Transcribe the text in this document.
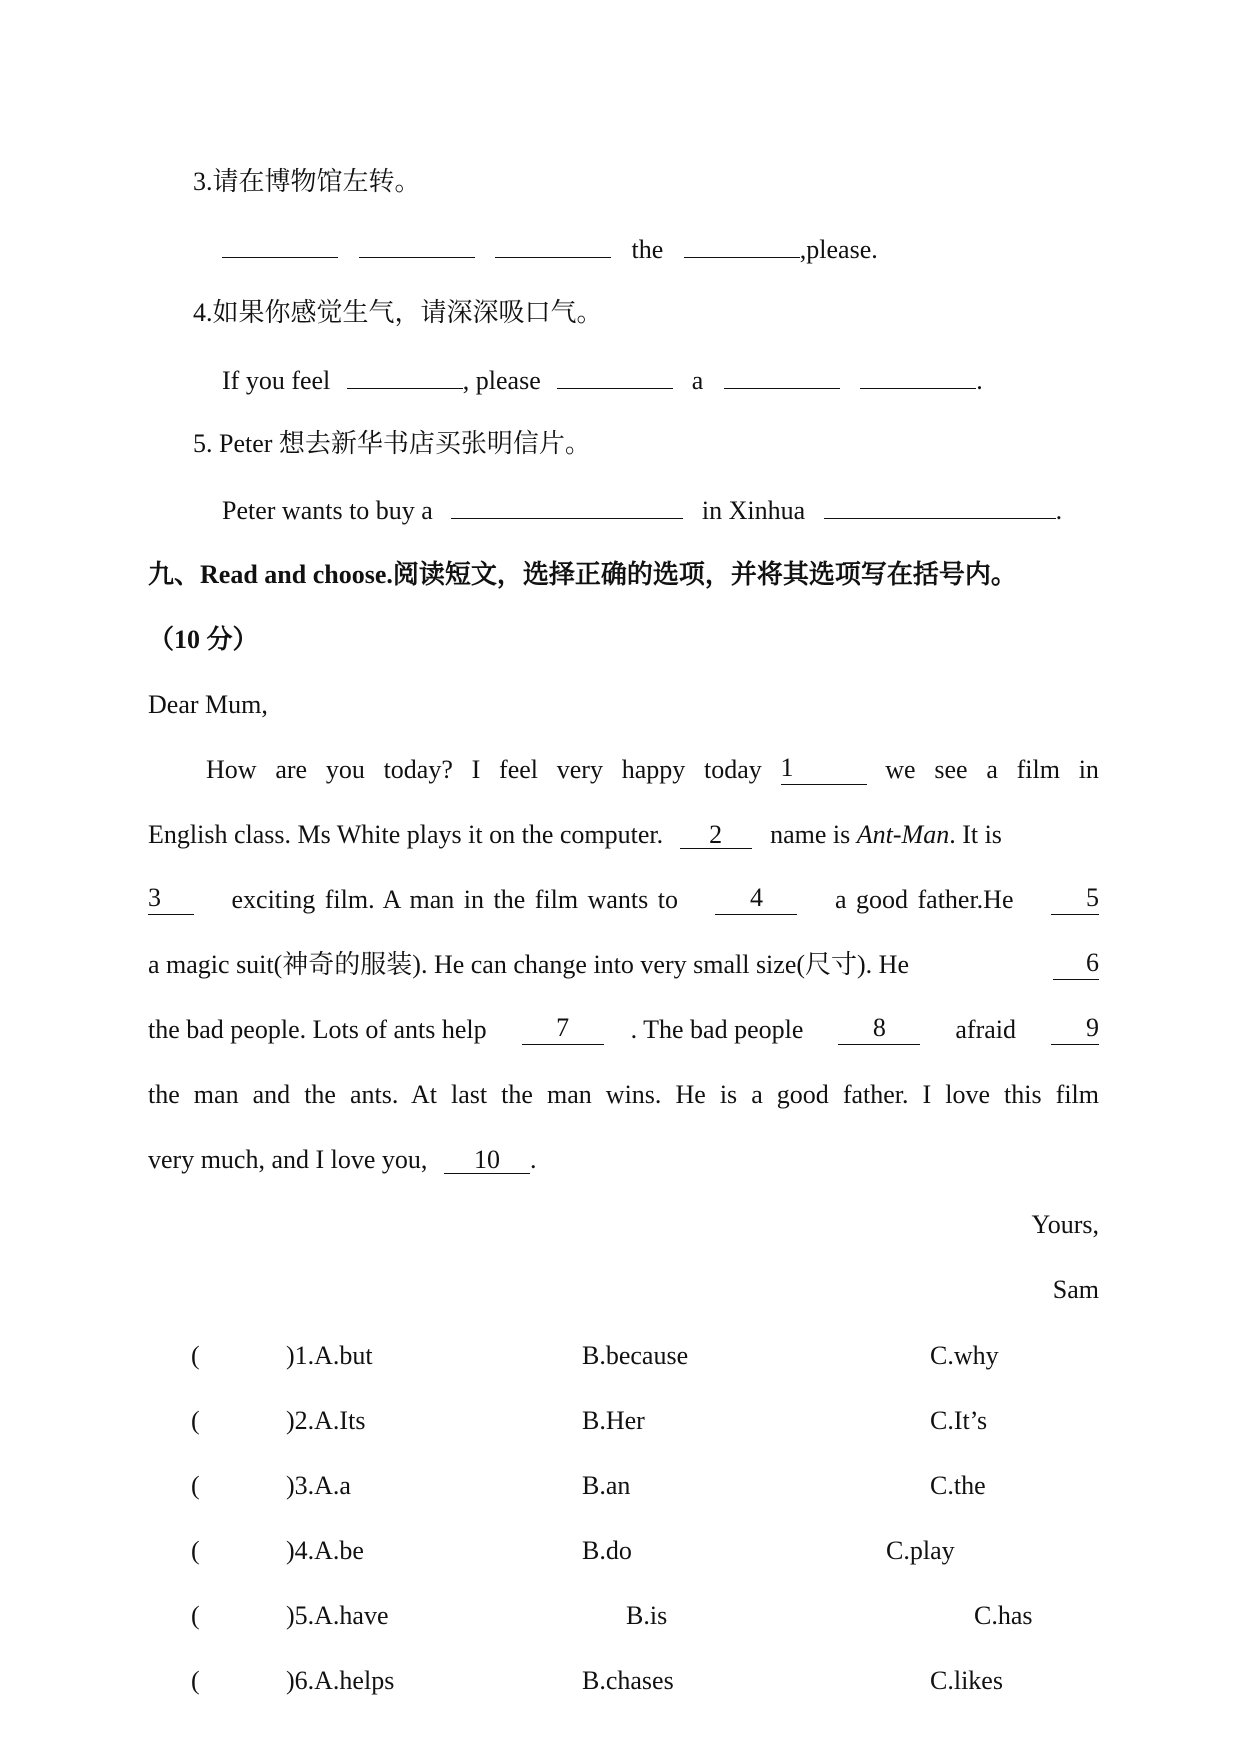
3.请在博物馆左转。
the	,please.
4.如果你感觉生气，请深深吸口气。
If you feel	, please	a	.
5. Peter 想去新华书店买张明信片。
Peter wants to buy a	in Xinhua	.
九、Read and choose.阅读短文，选择正确的选项，并将其选项写在括号内。
（10 分）
Dear Mum,
How are you today? I feel very happy today 1	we see a film in
English class. Ms White plays it on the computer. 2 name is Ant-Man. It is
3	exciting film. A man in the film wants to	4	a good father.He	5
a magic suit(神奇的服装). He can change into very small size(尺寸). He	6
the bad people. Lots of ants help	7	. The bad people	8	afraid	9
the man and the ants. At last the man wins. He is a good father. I love this film
very much, and I love you, 10 .
Yours,
Sam
(	)1.A.but	B.because	C.why
(	)2.A.Its	B.Her	C.It’s
(	)3.A.a	B.an	C.the
(	)4.A.be	B.do	C.play
(	)5.A.have	B.is	C.has
(	)6.A.helps	B.chases	C.likes
